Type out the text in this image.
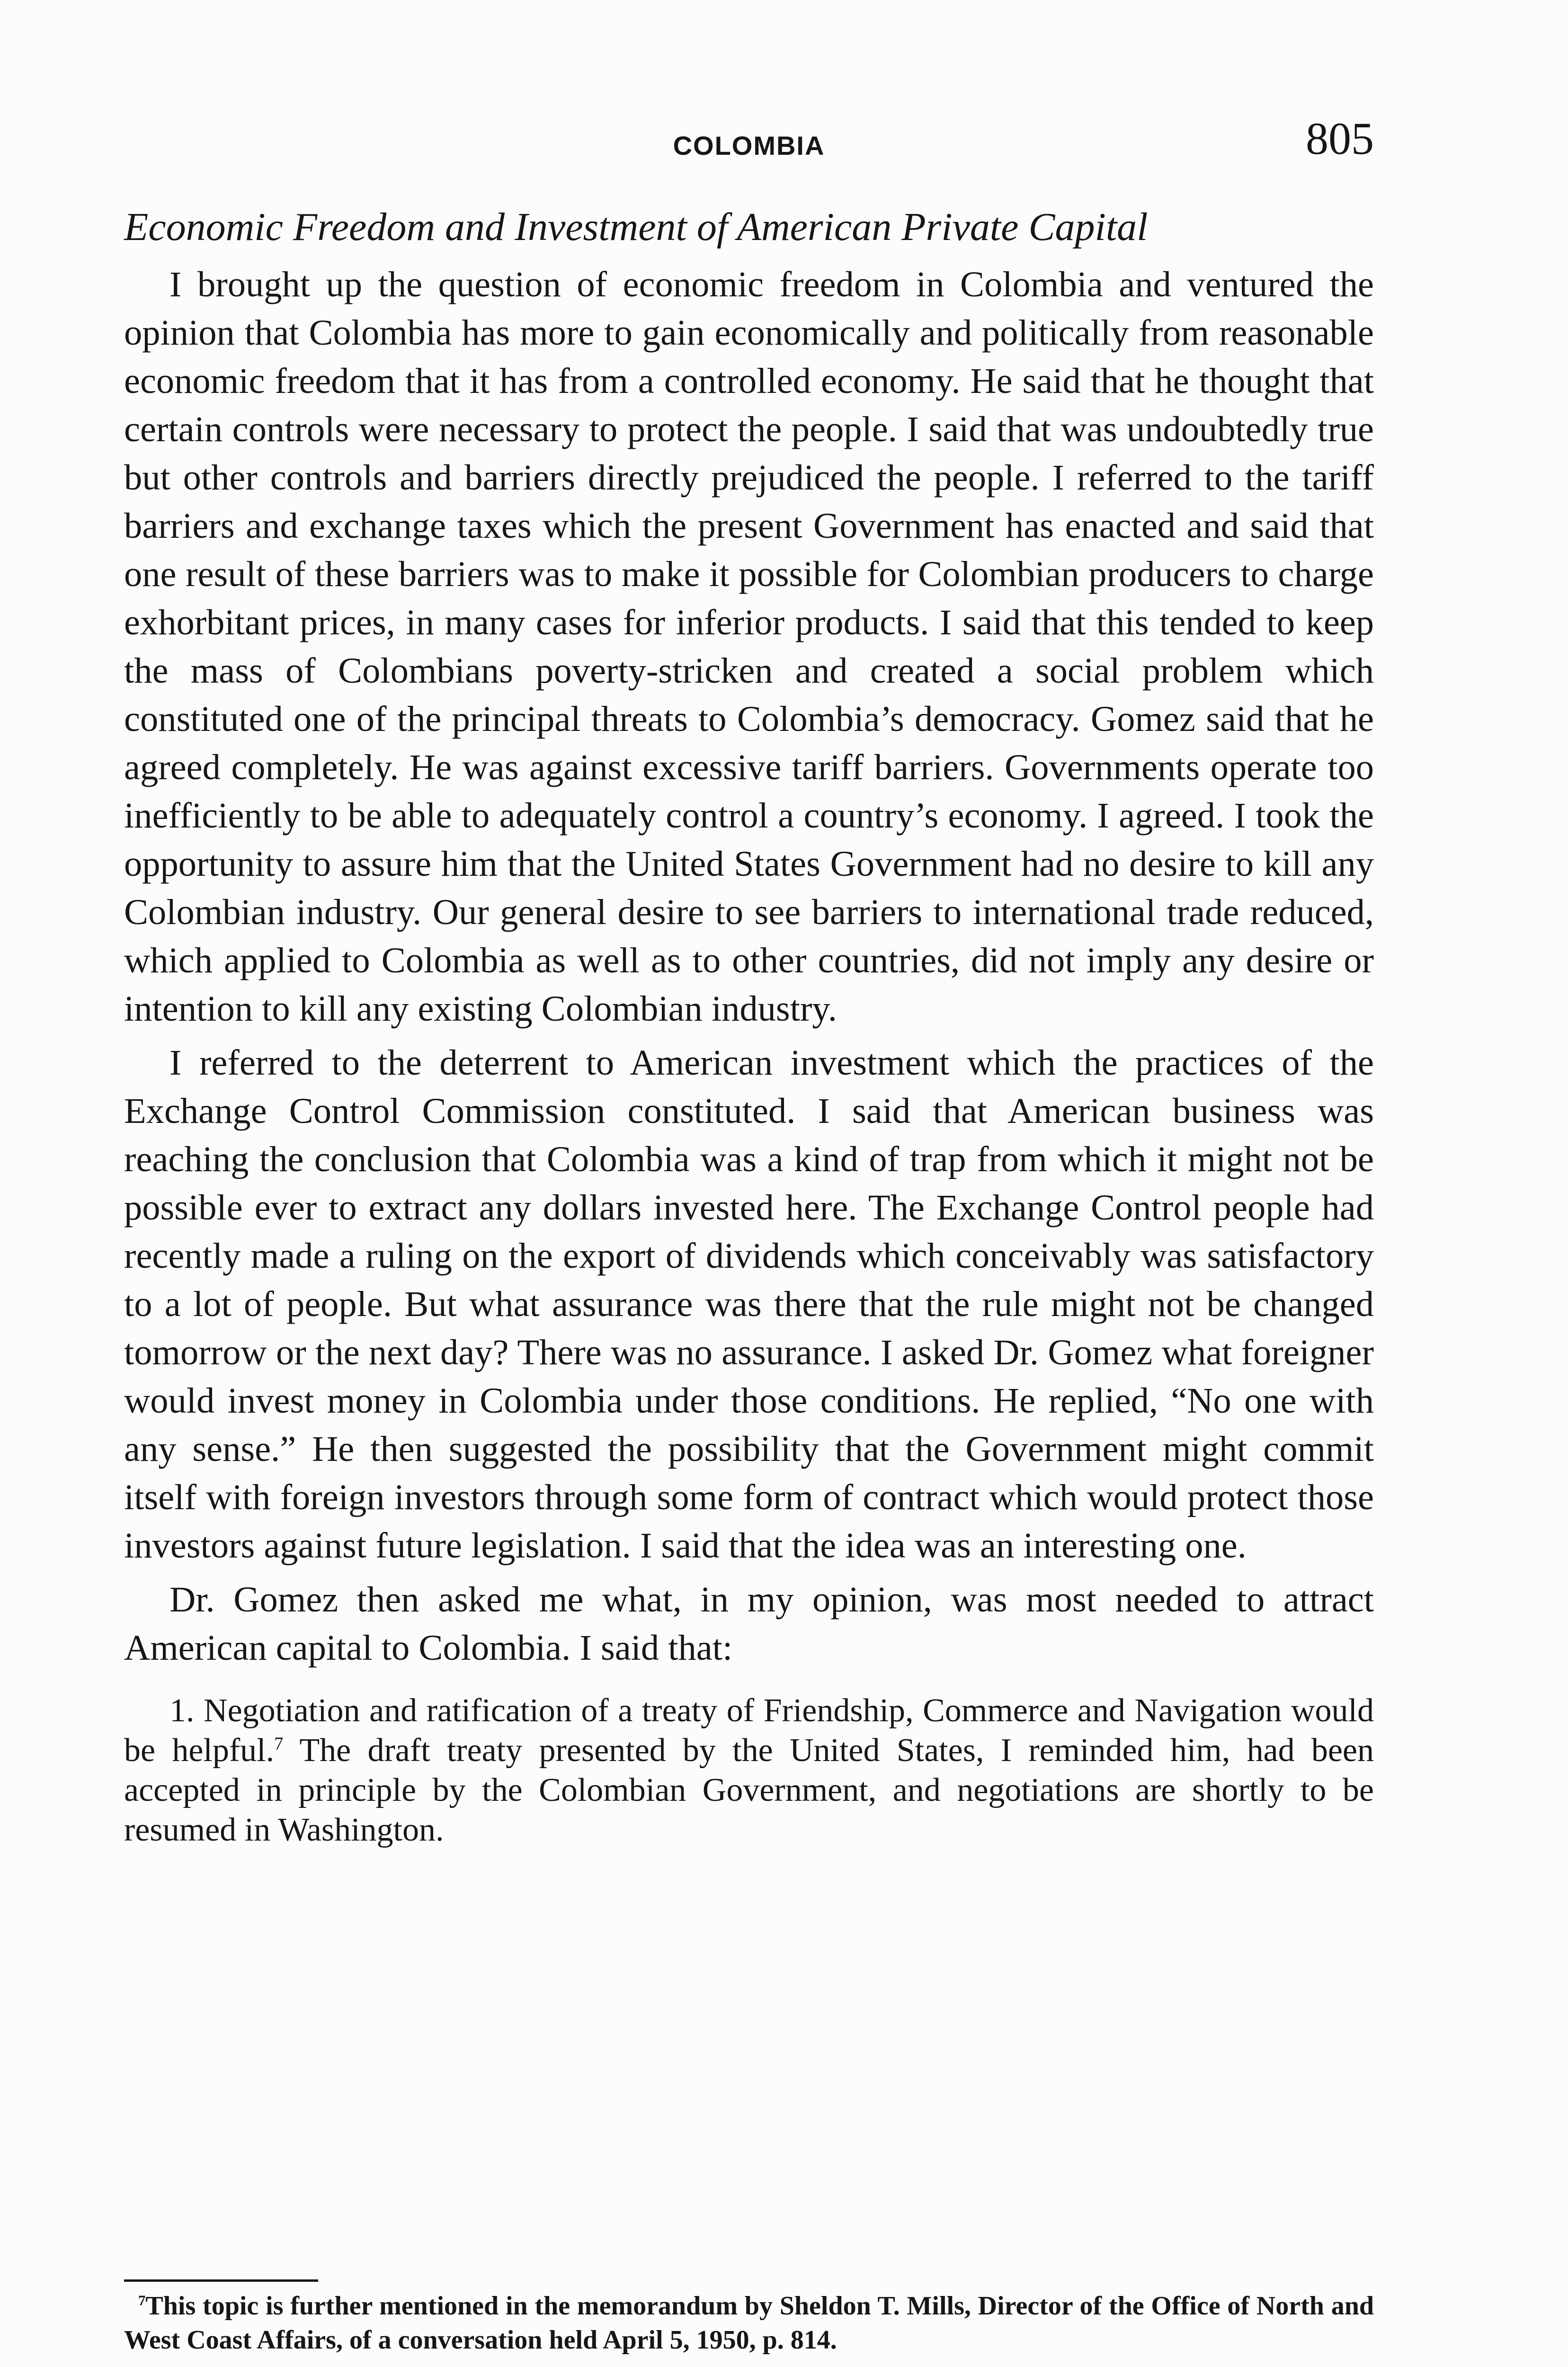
COLOMBIA	805
Economic Freedom and Investment of American Private Capital

I brought up the question of economic freedom in Colombia and ventured the opinion that Colombia has more to gain economically and politically from reasonable economic freedom that it has from a controlled economy. He said that he thought that certain controls were necessary to protect the people. I said that was undoubtedly true but other controls and barriers directly prejudiced the people. I referred to the tariff barriers and exchange taxes which the present Government has enacted and said that one result of these barriers was to make it possible for Colombian producers to charge exhorbitant prices, in many cases for inferior products. I said that this tended to keep the mass of Colombians poverty-stricken and created a social problem which constituted one of the principal threats to Colombia’s democracy. Gomez said that he agreed completely. He was against excessive tariff barriers. Governments operate too inefficiently to be able to adequately control a country’s economy. I agreed. I took the opportunity to assure him that the United States Government had no desire to kill any Colombian industry. Our general desire to see barriers to international trade reduced, which applied to Colombia as well as to other countries, did not imply any desire or intention to kill any existing Colombian industry.

I referred to the deterrent to American investment which the practices of the Exchange Control Commission constituted. I said that American business was reaching the conclusion that Colombia was a kind of trap from which it might not be possible ever to extract any dollars invested here. The Exchange Control people had recently made a ruling on the export of dividends which conceivably was satisfactory to a lot of people. But what assurance was there that the rule might not be changed tomorrow or the next day? There was no assurance. I asked Dr. Gomez what foreigner would invest money in Colombia under those conditions. He replied, “No one with any sense.” He then suggested the possibility that the Government might commit itself with foreign investors through some form of contract which would protect those investors against future legislation. I said that the idea was an interesting one.

Dr. Gomez then asked me what, in my opinion, was most needed to attract American capital to Colombia. I said that:

1. Negotiation and ratification of a treaty of Friendship, Commerce and Navigation would be helpful.$^7$ The draft treaty presented by the United States, I reminded him, had been accepted in principle by the Colombian Government, and negotiations are shortly to be resumed in Washington.

$^7$This topic is further mentioned in the memorandum by Sheldon T. Mills, Director of the Office of North and West Coast Affairs, of a conversation held April 5, 1950, p. 814.
